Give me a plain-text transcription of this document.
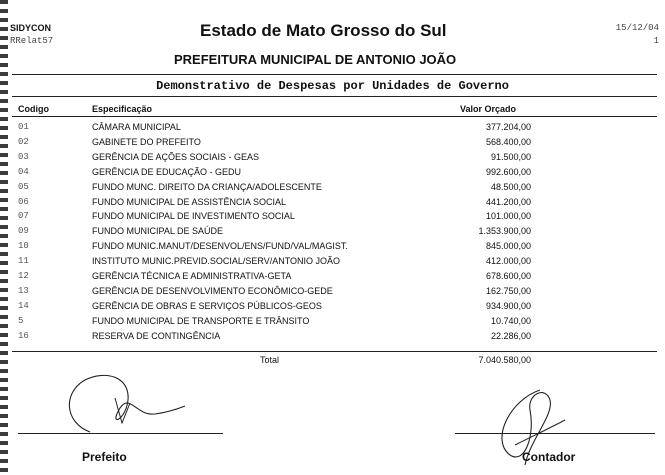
SIDYCON
RRelat57
15/12/04
1
Estado de Mato Grosso do Sul
PREFEITURA MUNICIPAL DE ANTONIO JOÃO
Demonstrativo de Despesas por Unidades de Governo
Codigo	Especificação	Valor Orçado
01	CÂMARA MUNICIPAL	377.204,00
02	GABINETE DO PREFEITO	568.400,00
03	GERÊNCIA DE AÇÕES SOCIAIS - GEAS	91.500,00
04	GERÊNCIA DE EDUCAÇÃO - GEDU	992.600,00
05	FUNDO MUNC. DIREITO DA CRIANÇA/ADOLESCENTE	48.500,00
06	FUNDO MUNICIPAL DE ASSISTÊNCIA SOCIAL	441.200,00
07	FUNDO MUNICIPAL DE INVESTIMENTO SOCIAL	101.000,00
09	FUNDO MUNICIPAL DE SAÚDE	1.353.900,00
10	FUNDO MUNIC.MANUT/DESENVOL/ENS/FUND/VAL/MAGIST.	845.000,00
11	INSTITUTO MUNIC.PREVID.SOCIAL/SERV/ANTONIO JOÃO	412.000,00
12	GERÊNCIA TÉCNICA E ADMINISTRATIVA-GETA	678.600,00
13	GERÊNCIA DE DESENVOLVIMENTO ECONÔMICO-GEDE	162.750,00
14	GERÊNCIA DE OBRAS E SERVIÇOS PÚBLICOS-GEOS	934.900,00
5	FUNDO MUNICIPAL DE TRANSPORTE E TRÂNSITO	10.740,00
16	RESERVA DE CONTINGÊNCIA	22.286,00
Total	7.040.580,00
Prefeito	Contador
